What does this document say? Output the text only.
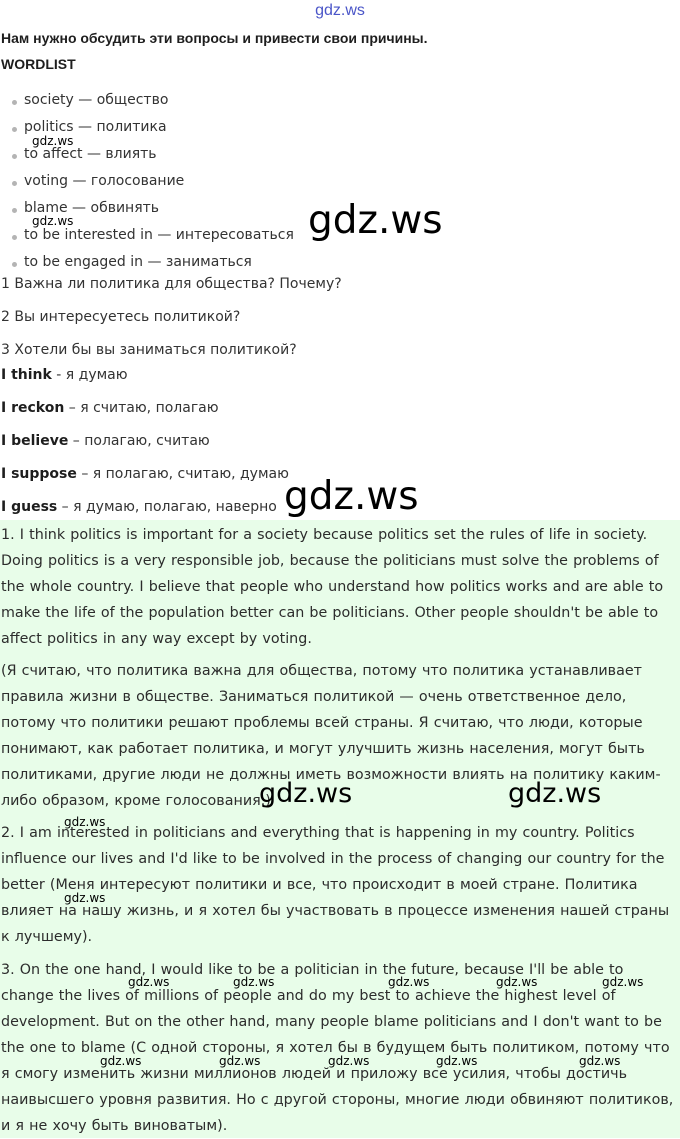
gdz.ws

Нам нужно обсудить эти вопросы и привести свои причины.

WORDLIST

society — общество
politics — политика
to affect — влиять
voting — голосование
blame — обвинять
to be interested in — интересоваться
to be engaged in — заниматься
1 Важна ли политика для общества? Почему?
2 Вы интересуетесь политикой?
3 Хотели бы вы заниматься политикой?
I think - я думаю
I reckon – я считаю, полагаю
I believe – полагаю, считаю
I suppose – я полагаю, считаю, думаю
I guess – я думаю, полагаю, наверно

1. I think politics is important for a society because politics set the rules of life in society. Doing politics is a very responsible job, because the politicians must solve the problems of the whole country. I believe that people who understand how politics works and are able to make the life of the population better can be politicians. Other people shouldn't be able to affect politics in any way except by voting.

(Я считаю, что политика важна для общества, потому что политика устанавливает правила жизни в обществе. Заниматься политикой — очень ответственное дело, потому что политики решают проблемы всей страны. Я считаю, что люди, которые понимают, как работает политика, и могут улучшить жизнь населения, могут быть политиками, другие люди не должны иметь возможности влиять на политику каким-либо образом, кроме голосования.)

2. I am interested in politicians and everything that is happening in my country. Politics influence our lives and I'd like to be involved in the process of changing our country for the better (Меня интересуют политики и все, что происходит в моей стране. Политика влияет на нашу жизнь, и я хотел бы участвовать в процессе изменения нашей страны к лучшему).

3. On the one hand, I would like to be a politician in the future, because I'll be able to change the lives of millions of people and do my best to achieve the highest level of development. But on the other hand, many people blame politicians and I don't want to be the one to blame (С одной стороны, я хотел бы в будущем быть политиком, потому что я смогу изменить жизни миллионов людей и приложу все усилия, чтобы достичь наивысшего уровня развития. Но с другой стороны, многие люди обвиняют политиков, и я не хочу быть виноватым).

gdz.ws
gdz.ws
gdz.ws	gdz.ws
gdz.ws
gdz.ws
gdz.ws
gdz.ws
gdz.ws	gdz.ws	gdz.ws	gdz.ws	gdz.ws
gdz.ws	gdz.ws	gdz.ws	gdz.ws	gdz.ws
